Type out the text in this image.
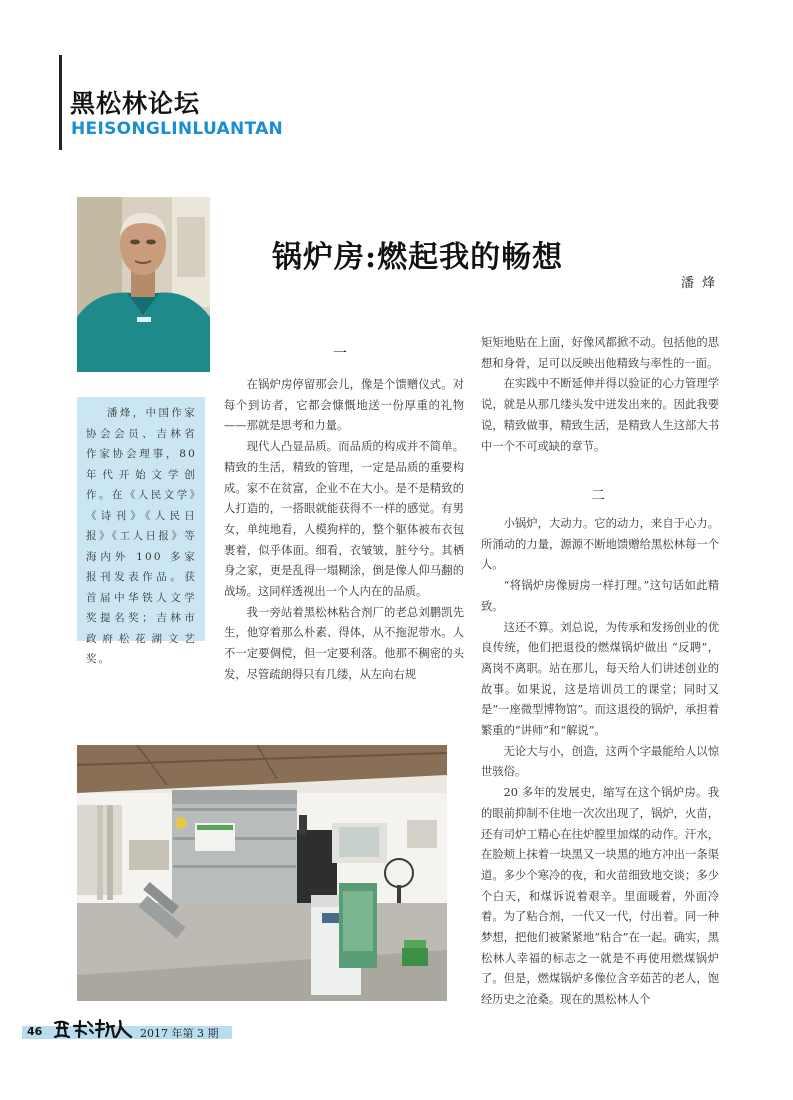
黑松林论坛
HEISONGLINLUANTAN
潘烽，中国作家协会会员、吉林省作家协会理事，80 年代开始文学创作。在《人民文学》《诗刊》《人民日报》《工人日报》等海内外 100 多家报刊发表作品。获首届中华铁人文学奖提名奖；吉林市政府松花湖文艺奖。
锅炉房:燃起我的畅想
潘 烽
一

在锅炉房停留那会儿，像是个馈赠仪式。对每个到访者，它都会慷慨地送一份厚重的礼物——那就是思考和力量。

现代人凸显品质。而品质的构成并不简单。精致的生活，精致的管理，一定是品质的重要构成。家不在贫富，企业不在大小。是不是精致的人打造的，一搭眼就能获得不一样的感觉。有男女，单纯地看，人模狗样的，整个躯体被布衣包裹着，似乎体面。细看，衣皱皱，脏兮兮。其栖身之家，更是乱得一塌糊涂，倒是像人仰马翻的战场。这同样透视出一个人内在的品质。

我一旁站着黑松林粘合剂厂的老总刘鹏凯先生，他穿着那么朴素、得体，从不拖泥带水。人不一定要倜傥，但一定要利落。他那不稠密的头发，尽管疏朗得只有几缕，从左向右规

矩矩地贴在上面，好像风都掀不动。包括他的思想和身骨，足可以反映出他精致与率性的一面。

在实践中不断延伸并得以验证的心力管理学说，就是从那几缕头发中迸发出来的。因此我要说，精致做事，精致生活，是精致人生这部大书中一个不可或缺的章节。

二

小锅炉，大动力。它的动力，来自于心力。所涌动的力量，源源不断地馈赠给黑松林每一个人。

“将锅炉房像厨房一样打理。”这句话如此精致。

这还不算。刘总说，为传承和发扬创业的优良传统，他们把退役的燃煤锅炉做出 “反聘”，离岗不离职。站在那儿，每天给人们讲述创业的故事。如果说，这是培训员工的课堂；同时又是“一座微型博物馆”。而这退役的锅炉，承担着繁重的“讲师”和“解说”。

无论大与小，创造，这两个字最能给人以惊世骇俗。

20 多年的发展史，缩写在这个锅炉房。我的眼前抑制不住地一次次出现了，锅炉，火苗，还有司炉工精心在往炉膛里加煤的动作。汗水，在脸颊上抹着一块黑又一块黑的地方冲出一条渠道。多少个寒冷的夜，和火苗细致地交谈；多少个白天，和煤诉说着艰辛。里面暖着，外面冷着。为了粘合剂，一代又一代，付出着。同一种梦想，把他们被紧紧地“粘合”在一起。确实，黑松林人幸福的标志之一就是不再使用燃煤锅炉了。但是，燃煤锅炉多像位含辛茹苦的老人，饱经历史之沧桑。现在的黑松林人个

46	2017 年第 3 期
